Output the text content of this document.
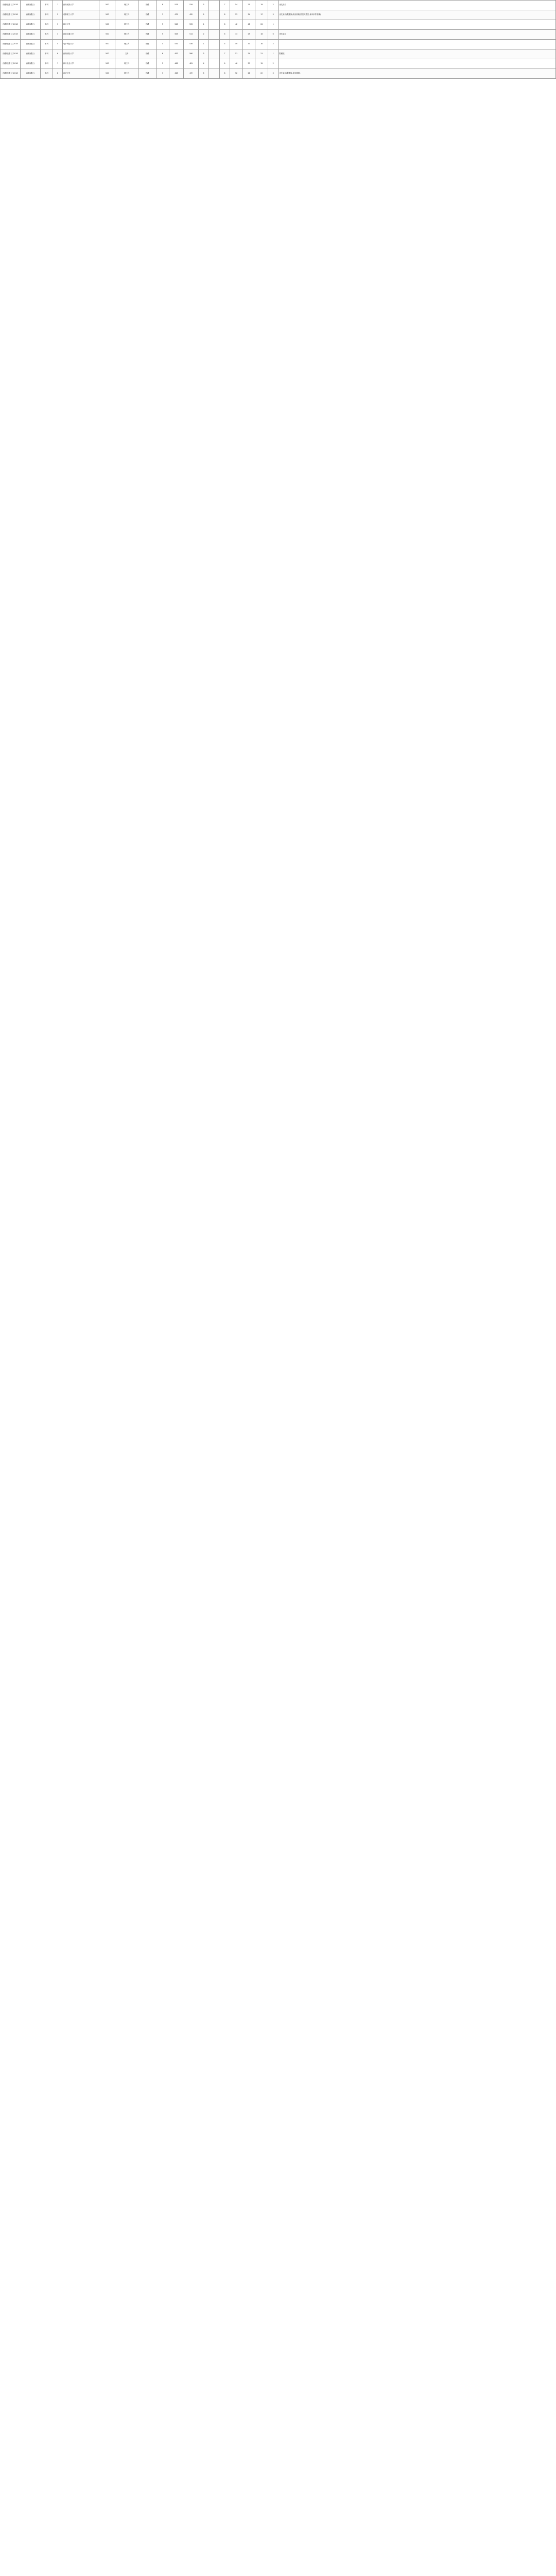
西藏班(藏 区)2018	西藏(藏区)	本科	1	西南民族大学	500	理工科	西藏	8	513	520	3		7	54	21	19	2	优先录取
西藏班(藏 区)2018	西藏(藏区)	本科	2	成都理工大学	500	理工科	西藏	7	479	492	5		8	53	34	17	3	优先录取(限藏族,政治面貌:团员或党员;身体条件健康)
西藏班(藏 区)2018	西藏(藏区)	本科	3	四川大学	500	理工科	西藏	3	528	533	1		8	42	48	20	1	
西藏班(藏 区)2018	西藏(藏区)	本科	4	西南交通大学	500	理工科	西藏	5	503	514	2		6	44	29	18	0	优先录取
西藏班(藏 区)2018	西藏(藏区)	本科	5	电子科技大学	500	理工科	西藏	4	531	538	1		5	49	33	16	2	
西藏班(藏 区)2018	西藏(藏区)	本科	6	西南财经大学	500	文科	西藏	6	497	506	3		7	51	24	21	1	限藏族
西藏班(藏 区)2018	西藏(藏区)	本科	7	四川农业大学	500	理工科	西藏	9	468	481	4		6	46	37	15	2	
西藏班(藏 区)2018	西藏(藏区)	本科	8	西华大学	500	理工科	西藏	7	458	472	5		8	52	26	22	3	优先录取(限藏族,身体健康)
